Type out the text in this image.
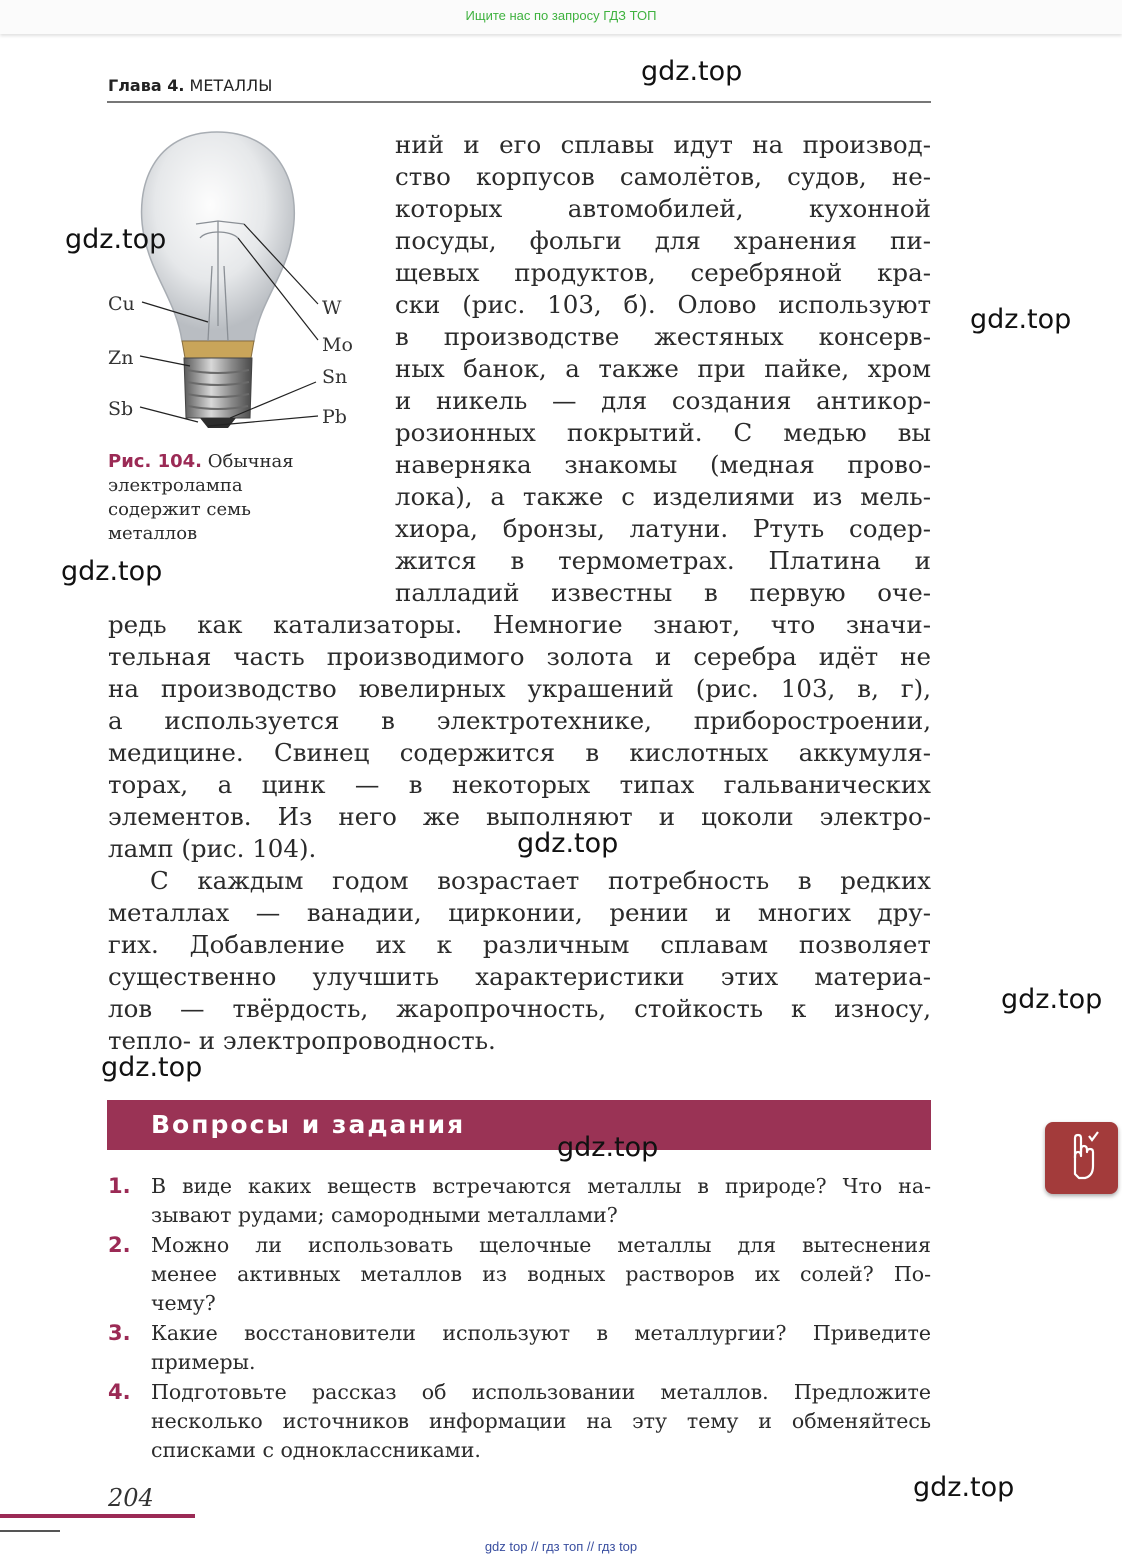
Ищите нас по запросу ГДЗ ТОП
Глава 4. МЕТАЛЛЫ
Cu
Zn
Sb
W
Mo
Sn
Pb
Рис. 104. Обычная
электролампа
содержит семь
металлов
ний и его сплавы идут на производ-
ство корпусов самолётов, судов, не-
которых автомобилей, кухонной
посуды, фольги для хранения пи-
щевых продуктов, серебряной кра-
ски (рис. 103, б). Олово используют
в производстве жестяных консерв-
ных банок, а также при пайке, хром
и никель — для создания антикор-
розионных покрытий. С медью вы
наверняка знакомы (медная прово-
лока), а также с изделиями из мель-
хиора, бронзы, латуни. Ртуть содер-
жится в термометрах. Платина и
палладий известны в первую оче-
редь как катализаторы. Немногие знают, что значи-
тельная часть производимого золота и серебра идёт не
на производство ювелирных украшений (рис. 103, в, г),
а используется в электротехнике, приборостроении,
медицине. Свинец содержится в кислотных аккумуля-
торах, а цинк — в некоторых типах гальванических
элементов. Из него же выполняют и цоколи электро-
ламп (рис. 104).
С каждым годом возрастает потребность в редких
металлах — ванадии, цирконии, рении и многих дру-
гих. Добавление их к различным сплавам позволяет
существенно улучшить характеристики этих материа-
лов — твёрдость, жаропрочность, стойкость к износу,
тепло- и электропроводность.
Вопросы и задания
1. В виде каких веществ встречаются металлы в природе? Что на-
зывают рудами; самородными металлами?
2. Можно ли использовать щелочные металлы для вытеснения
менее активных металлов из водных растворов их солей? По-
чему?
3. Какие восстановители используют в металлургии? Приведите
примеры.
4. Подготовьте рассказ об использовании металлов. Предложите
несколько источников информации на эту тему и обменяйтесь
списками с одноклассниками.
204
gdz top // гдз топ // гдз top
gdz.top
gdz.top
gdz.top
gdz.top
gdz.top
gdz.top
gdz.top
gdz.top
gdz.top
